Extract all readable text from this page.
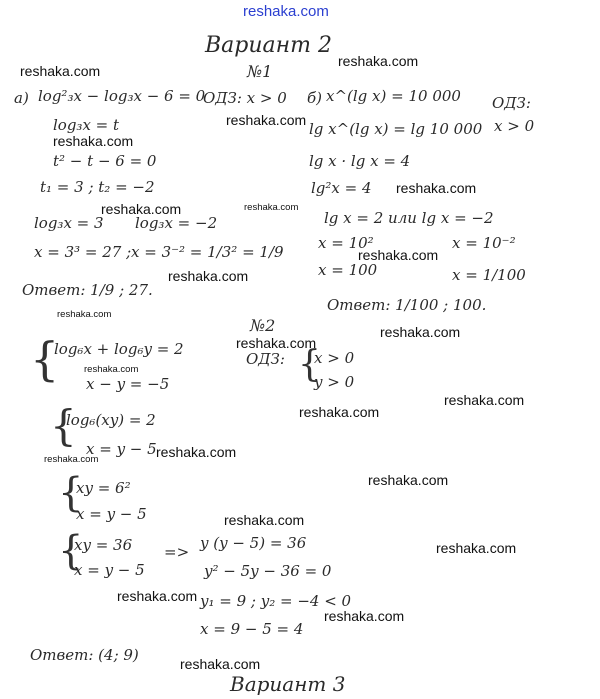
reshaka.com
Вариант 2
№1
reshaka.com
reshaka.com
reshaka.com
reshaka.com
reshaka.com	reshaka.com
reshaka.com
reshaka.com
reshaka.com
reshaka.com
reshaka.com
а) log²₃x − log₃x − 6 = 0
ОДЗ: x > 0
log₃x = t
t² − t − 6 = 0
t₁ = 3 ; t₂ = −2
log₃x = 3 log₃x = −2
x = 3³ = 27 ; x = 3⁻² = 1/3² = 1/9
Ответ: 1/9 ; 27.
б) x^(lg x) = 10 000 ОДЗ:
x > 0
lg x^(lg x) = lg 10 000
lg x · lg x = 4
lg²x = 4
lg x = 2 или lg x = −2
x = 10²	x = 10⁻²
x = 100	x = 1/100
Ответ: 1/100 ; 100.
№2
reshaka.com
reshaka.com
reshaka.com
reshaka.com
reshaka.com
reshaka.com
reshaka.com
reshaka.com
reshaka.com
reshaka.com
reshaka.com
reshaka.com
{
log₆x + log₆y = 2
x − y = −5
ОДЗ: {
x > 0
y > 0
{
log₆(xy) = 2
x = y − 5
{
xy = 6²
x = y − 5
{
xy = 36
x = y − 5
=> y (y − 5) = 36
y² − 5y − 36 = 0
y₁ = 9 ; y₂ = −4 < 0
x = 9 − 5 = 4
Ответ: (4; 9)
Вариант 3
